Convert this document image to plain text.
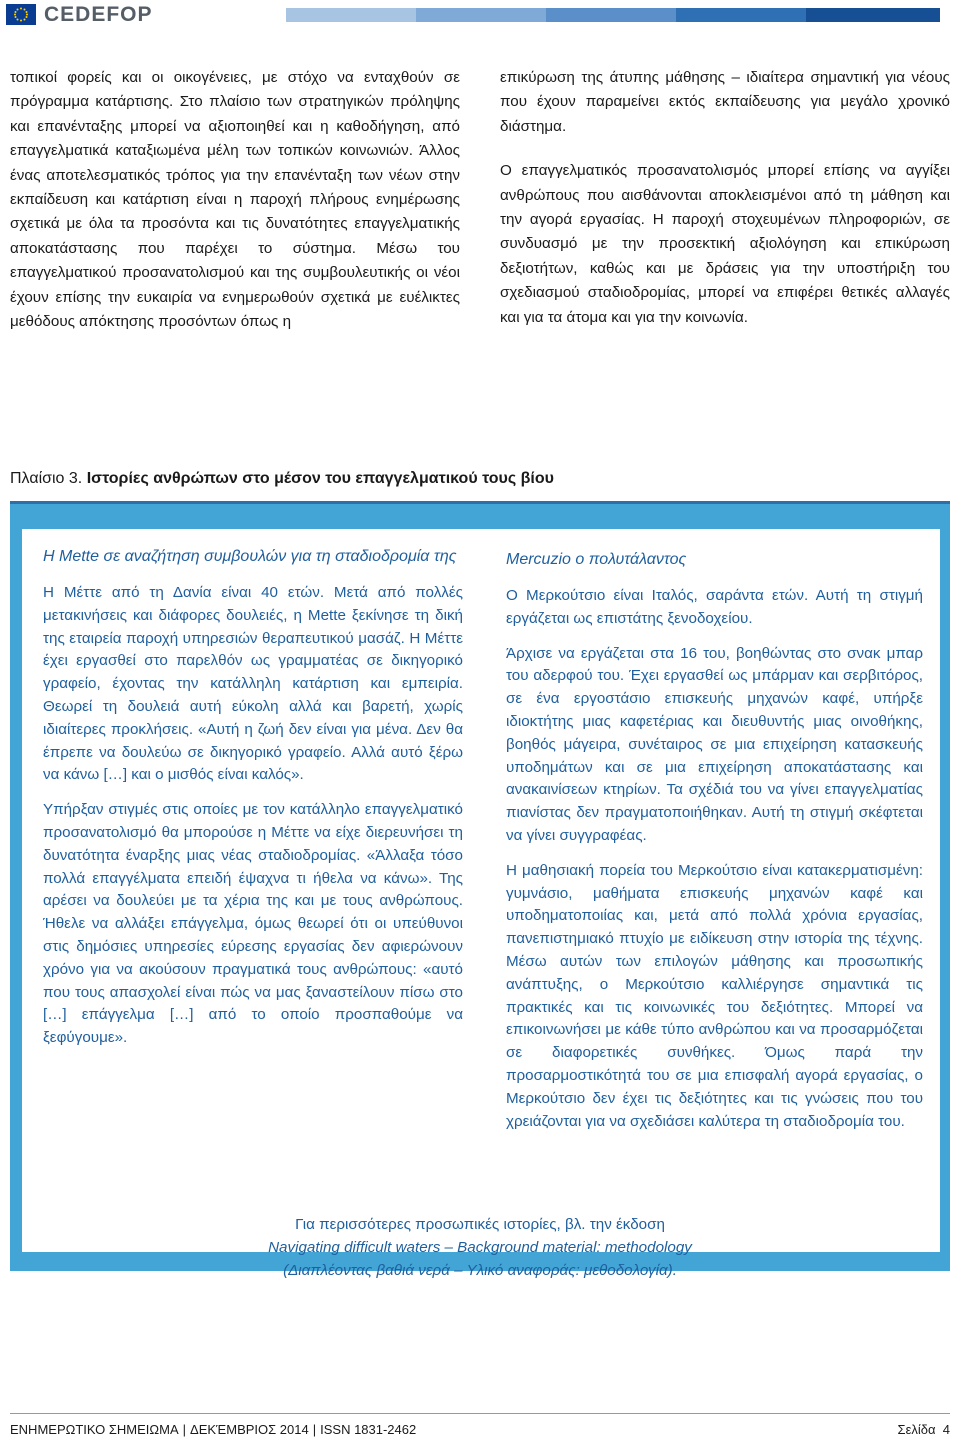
CEDEFOP

τοπικοί φορείς και οι οικογένειες, με στόχο να ενταχθούν σε πρόγραμμα κατάρτισης. Στο πλαίσιο των στρατηγικών πρόληψης και επανένταξης μπορεί να αξιοποιηθεί και η καθοδήγηση, από επαγγελματικά καταξιωμένα μέλη των τοπικών κοινωνιών. Άλλος ένας αποτελεσματικός τρόπος για την επανένταξη των νέων στην εκπαίδευση και κατάρτιση είναι η παροχή πλήρους ενημέρωσης σχετικά με όλα τα προσόντα και τις δυνατότητες επαγγελματικής αποκατάστασης που παρέχει το σύστημα. Μέσω του επαγγελματικού προσανατολισμού και της συμβουλευτικής οι νέοι έχουν επίσης την ευκαιρία να ενημερωθούν σχετικά με ευέλικτες μεθόδους απόκτησης προσόντων όπως η

επικύρωση της άτυπης μάθησης – ιδιαίτερα σημαντική για νέους που έχουν παραμείνει εκτός εκπαίδευσης για μεγάλο χρονικό διάστημα.

Ο επαγγελματικός προσανατολισμός μπορεί επίσης να αγγίξει ανθρώπους που αισθάνονται αποκλεισμένοι από τη μάθηση και την αγορά εργασίας. Η παροχή στοχευμένων πληροφοριών, σε συνδυασμό με την προσεκτική αξιολόγηση και επικύρωση δεξιοτήτων, καθώς και με δράσεις για την υποστήριξη του σχεδιασμού σταδιοδρομίας, μπορεί να επιφέρει θετικές αλλαγές και για τα άτομα και για την κοινωνία.

Πλαίσιο 3. Ιστορίες ανθρώπων στο μέσον του επαγγελματικού τους βίου
Η Mette σε αναζήτηση συμβουλών για τη σταδιοδρομία της

Η Μέττε από τη Δανία είναι 40 ετών. Μετά από πολλές μετακινήσεις και διάφορες δουλειές, η Mette ξεκίνησε τη δική της εταιρεία παροχή υπηρεσιών θεραπευτικού μασάζ. Η Μέττε έχει εργασθεί στο παρελθόν ως γραμματέας σε δικηγορικό γραφείο, έχοντας την κατάλληλη κατάρτιση και εμπειρία. Θεωρεί τη δουλειά αυτή εύκολη αλλά και βαρετή, χωρίς ιδιαίτερες προκλήσεις. «Αυτή η ζωή δεν είναι για μένα. Δεν θα έπρεπε να δουλεύω σε δικηγορικό γραφείο. Αλλά αυτό ξέρω να κάνω […] και ο μισθός είναι καλός».

Υπήρξαν στιγμές στις οποίες με τον κατάλληλο επαγγελματικό προσανατολισμό θα μπορούσε η Μέττε να είχε διερευνήσει τη δυνατότητα έναρξης μιας νέας σταδιοδρομίας. «Άλλαξα τόσο πολλά επαγγέλματα επειδή έψαχνα τι ήθελα να κάνω». Της αρέσει να δουλεύει με τα χέρια της και με τους ανθρώπους. Ήθελε να αλλάξει επάγγελμα, όμως θεωρεί ότι οι υπεύθυνοι στις δημόσιες υπηρεσίες εύρεσης εργασίας δεν αφιερώνουν χρόνο για να ακούσουν πραγματικά τους ανθρώπους: «αυτό που τους απασχολεί είναι πώς να μας ξαναστείλουν πίσω στο […] επάγγελμα […] από το οποίο προσπαθούμε να ξεφύγουμε».

Mercuzio ο πολυτάλαντος

Ο Μερκούτσιο είναι Ιταλός, σαράντα ετών. Αυτή τη στιγμή εργάζεται ως επιστάτης ξενοδοχείου.

Άρχισε να εργάζεται στα 16 του, βοηθώντας στο σνακ μπαρ του αδερφού του. Έχει εργασθεί ως μπάρμαν και σερβιτόρος, σε ένα εργοστάσιο επισκευής μηχανών καφέ, υπήρξε ιδιοκτήτης μιας καφετέριας και διευθυντής μιας οινοθήκης, βοηθός μάγειρα, συνέταιρος σε μια επιχείρηση κατασκευής υποδημάτων και σε μια επιχείρηση αποκατάστασης και ανακαινίσεων κτηρίων. Τα σχέδιά του να γίνει επαγγελματίας πιανίστας δεν πραγματοποιήθηκαν. Αυτή τη στιγμή σκέφτεται να γίνει συγγραφέας.

Η μαθησιακή πορεία του Μερκούτσιο είναι κατακερματισμένη: γυμνάσιο, μαθήματα επισκευής μηχανών καφέ και υποδηματοποιίας και, μετά από πολλά χρόνια εργασίας, πανεπιστημιακό πτυχίο με ειδίκευση στην ιστορία της τέχνης. Μέσω αυτών των επιλογών μάθησης και προσωπικής ανάπτυξης, ο Μερκούτσιο καλλιέργησε σημαντικά τις πρακτικές και τις κοινωνικές του δεξιότητες. Μπορεί να επικοινωνήσει με κάθε τύπο ανθρώπου και να προσαρμόζεται σε διαφορετικές συνθήκες. Όμως παρά την προσαρμοστικότητά του σε μια επισφαλή αγορά εργασίας, ο Μερκούτσιο δεν έχει τις δεξιότητες και τις γνώσεις που του χρειάζονται για να σχεδιάσει καλύτερα τη σταδιοδρομία του.

Για περισσότερες προσωπικές ιστορίες, βλ. την έκδοση
Navigating difficult waters – Background material: methodology
(Διαπλέοντας βαθιά νερά – Υλικό αναφοράς: μεθοδολογία).
ΕΝΗΜΕΡΩΤΙΚΟ ΣΗΜΕΙΩΜΑ | ΔΕΚΈΜΒΡΙΟΣ 2014 | ISSN 1831-2462	Σελίδα 4
